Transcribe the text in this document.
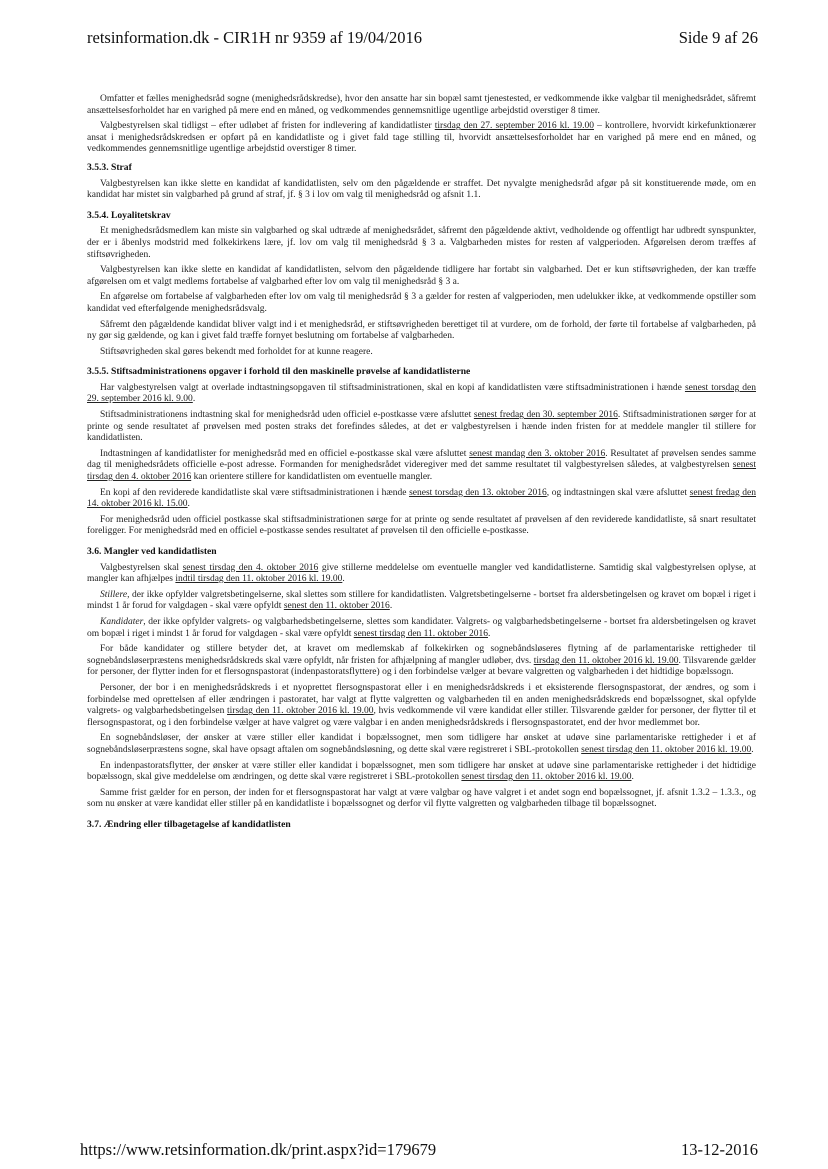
retsinformation.dk - CIR1H nr 9359 af 19/04/2016	Side 9 af 26

Omfatter et fælles menighedsråd sogne (menighedsrådskredse), hvor den ansatte har sin bopæl samt tjenestested, er vedkommende ikke valgbar til menighedsrådet, såfremt ansættelsesforholdet har en varighed på mere end en måned, og vedkommendes gennemsnitlige ugentlige arbejdstid overstiger 8 timer.

Valgbestyrelsen skal tidligst – efter udløbet af fristen for indlevering af kandidatlister tirsdag den 27. september 2016 kl. 19.00 – kontrollere, hvorvidt kirkefunktionærer ansat i menighedsrådskredsen er opført på en kandidatliste og i givet fald tage stilling til, hvorvidt ansættelsesforholdet har en varighed på mere end en måned, og vedkommendes gennemsnitlige ugentlige arbejdstid overstiger 8 timer.

3.5.3. Straf

Valgbestyrelsen kan ikke slette en kandidat af kandidatlisten, selv om den pågældende er straffet. Det nyvalgte menighedsråd afgør på sit konstituerende møde, om en kandidat har mistet sin valgbarhed på grund af straf, jf. § 3 i lov om valg til menighedsråd og afsnit 1.1.

3.5.4. Loyalitetskrav

Et menighedsrådsmedlem kan miste sin valgbarhed og skal udtræde af menighedsrådet, såfremt den pågældende aktivt, vedholdende og offentligt har udbredt synspunkter, der er i åbenlys modstrid med folkekirkens lære, jf. lov om valg til menighedsråd § 3 a. Valgbarheden mistes for resten af valgperioden. Afgørelsen derom træffes af stiftsøvrigheden.

Valgbestyrelsen kan ikke slette en kandidat af kandidatlisten, selvom den pågældende tidligere har fortabt sin valgbarhed. Det er kun stiftsøvrigheden, der kan træffe afgørelsen om et valgt medlems fortabelse af valgbarhed efter lov om valg til menighedsråd § 3 a.

En afgørelse om fortabelse af valgbarheden efter lov om valg til menighedsråd § 3 a gælder for resten af valgperioden, men udelukker ikke, at vedkommende opstiller som kandidat ved efterfølgende menighedsrådsvalg.

Såfremt den pågældende kandidat bliver valgt ind i et menighedsråd, er stiftsøvrigheden berettiget til at vurdere, om de forhold, der førte til fortabelse af valgbarheden, på ny gør sig gældende, og kan i givet fald træffe fornyet beslutning om fortabelse af valgbarheden.

Stiftsøvrigheden skal gøres bekendt med forholdet for at kunne reagere.

3.5.5. Stiftsadministrationens opgaver i forhold til den maskinelle prøvelse af kandidatlisterne

Har valgbestyrelsen valgt at overlade indtastningsopgaven til stiftsadministrationen, skal en kopi af kandidatlisten være stiftsadministrationen i hænde senest torsdag den 29. september 2016 kl. 9.00.

Stiftsadministrationens indtastning skal for menighedsråd uden officiel e-postkasse være afsluttet senest fredag den 30. september 2016. Stiftsadministrationen sørger for at printe og sende resultatet af prøvelsen med posten straks det forefindes således, at det er valgbestyrelsen i hænde inden fristen for at meddele mangler til stillere for kandidatlisten.

Indtastningen af kandidatlister for menighedsråd med en officiel e-postkasse skal være afsluttet senest mandag den 3. oktober 2016. Resultatet af prøvelsen sendes samme dag til menighedsrådets officielle e-post adresse. Formanden for menighedsrådet videregiver med det samme resultatet til valgbestyrelsen således, at valgbestyrelsen senest tirsdag den 4. oktober 2016 kan orientere stillere for kandidatlisten om eventuelle mangler.

En kopi af den reviderede kandidatliste skal være stiftsadministrationen i hænde senest torsdag den 13. oktober 2016, og indtastningen skal være afsluttet senest fredag den 14. oktober 2016 kl. 15.00.

For menighedsråd uden officiel postkasse skal stiftsadministrationen sørge for at printe og sende resultatet af prøvelsen af den reviderede kandidatliste, så snart resultatet foreligger. For menighedsråd med en officiel e-postkasse sendes resultatet af prøvelsen til den officielle e-postkasse.

3.6. Mangler ved kandidatlisten

Valgbestyrelsen skal senest tirsdag den 4. oktober 2016 give stillerne meddelelse om eventuelle mangler ved kandidatlisterne. Samtidig skal valgbestyrelsen oplyse, at mangler kan afhjælpes indtil tirsdag den 11. oktober 2016 kl. 19.00.

Stillere, der ikke opfylder valgretsbetingelserne, skal slettes som stillere for kandidatlisten. Valgretsbetingelserne - bortset fra aldersbetingelsen og kravet om bopæl i riget i mindst 1 år forud for valgdagen - skal være opfyldt senest den 11. oktober 2016.

Kandidater, der ikke opfylder valgrets- og valgbarhedsbetingelserne, slettes som kandidater. Valgrets- og valgbarhedsbetingelserne - bortset fra aldersbetingelsen og kravet om bopæl i riget i mindst 1 år forud for valgdagen - skal være opfyldt senest tirsdag den 11. oktober 2016.

For både kandidater og stillere betyder det, at kravet om medlemskab af folkekirken og sognebåndsløseres flytning af de parlamentariske rettigheder til sognebåndsløserpræstens menighedsrådskreds skal være opfyldt, når fristen for afhjælpning af mangler udløber, dvs. tirsdag den 11. oktober 2016 kl. 19.00. Tilsvarende gælder for personer, der flytter inden for et flersognspastorat (indenpastoratsflyttere) og i den forbindelse vælger at bevare valgretten og valgbarheden i det hidtidige bopælssogn.

Personer, der bor i en menighedsrådskreds i et nyoprettet flersognspastorat eller i en menighedsrådskreds i et eksisterende flersognspastorat, der ændres, og som i forbindelse med oprettelsen af eller ændringen i pastoratet, har valgt at flytte valgretten og valgbarheden til en anden menighedsrådskreds end bopælssognet, skal opfylde valgrets- og valgbarhedsbetingelsen tirsdag den 11. oktober 2016 kl. 19.00, hvis vedkommende vil være kandidat eller stiller. Tilsvarende gælder for personer, der flytter til et flersognspastorat, og i den forbindelse vælger at have valgret og være valgbar i en anden menighedsrådskreds i flersognspastoratet, end der hvor medlemmet bor.

En sognebåndsløser, der ønsker at være stiller eller kandidat i bopælssognet, men som tidligere har ønsket at udøve sine parlamentariske rettigheder i et af sognebåndsløserpræstens sogne, skal have opsagt aftalen om sognebåndsløsning, og dette skal være registreret i SBL-protokollen senest tirsdag den 11. oktober 2016 kl. 19.00.

En indenpastoratsflytter, der ønsker at være stiller eller kandidat i bopælssognet, men som tidligere har ønsket at udøve sine parlamentariske rettigheder i det hidtidige bopælssogn, skal give meddelelse om ændringen, og dette skal være registreret i SBL-protokollen senest tirsdag den 11. oktober 2016 kl. 19.00.

Samme frist gælder for en person, der inden for et flersognspastorat har valgt at være valgbar og have valgret i et andet sogn end bopælssognet, jf. afsnit 1.3.2 – 1.3.3., og som nu ønsker at være kandidat eller stiller på en kandidatliste i bopælssognet og derfor vil flytte valgretten og valgbarheden tilbage til bopælssognet.

3.7. Ændring eller tilbagetagelse af kandidatlisten
https://www.retsinformation.dk/print.aspx?id=179679	13-12-2016
